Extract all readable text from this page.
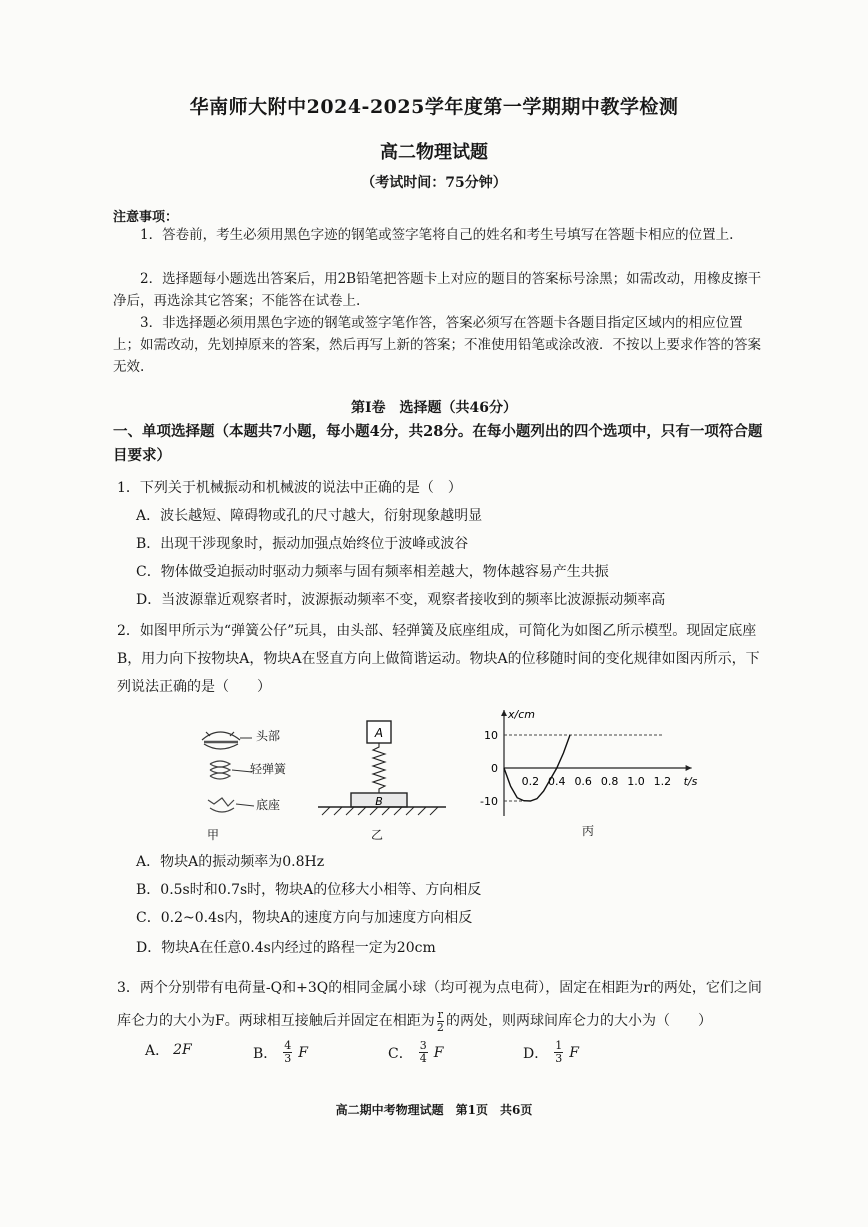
华南师大附中2024-2025学年度第一学期期中教学检测
高二物理试题
（考试时间：75分钟）
注意事项：
1．答卷前，考生必须用黑色字迹的钢笔或签字笔将自己的姓名和考生号填写在答题卡相应的位置上.
2．选择题每小题选出答案后，用2B铅笔把答题卡上对应的题目的答案标号涂黑；如需改动，用橡皮擦干净后，再选涂其它答案；不能答在试卷上.
3．非选择题必须用黑色字迹的钢笔或签字笔作答，答案必须写在答题卡各题目指定区域内的相应位置上；如需改动，先划掉原来的答案，然后再写上新的答案；不准使用铅笔或涂改液．不按以上要求作答的答案无效.
第Ⅰ卷　选择题（共46分）
一、单项选择题（本题共7小题，每小题4分，共28分。在每小题列出的四个选项中，只有一项符合题目要求）
1．下列关于机械振动和机械波的说法中正确的是（　）
A．波长越短、障碍物或孔的尺寸越大，衍射现象越明显
B．出现干涉现象时，振动加强点始终位于波峰或波谷
C．物体做受迫振动时驱动力频率与固有频率相差越大，物体越容易产生共振
D．当波源靠近观察者时，波源振动频率不变，观察者接收到的频率比波源振动频率高
2．如图甲所示为“弹簧公仔”玩具，由头部、轻弹簧及底座组成，可简化为如图乙所示模型。现固定底座B，用力向下按物块A，物块A在竖直方向上做简谐运动。物块A的位移随时间的变化规律如图丙所示，下列说法正确的是（　　）
头部
轻弹簧
底座
甲
A
B
乙
10
0
-10
0.2 0.4 0.6 0.8 1.0 1.2 t/s
x/cm
丙
A．物块A的振动频率为0.8Hz
B．0.5s时和0.7s时，物块A的位移大小相等、方向相反
C．0.2~0.4s内，物块A的速度方向与加速度方向相反
D．物块A在任意0.4s内经过的路程一定为20cm
3．两个分别带有电荷量-Q和+3Q的相同金属小球（均可视为点电荷），固定在相距为r的两处，它们之间库仑力的大小为F。两球相互接触后并固定在相距为 $\frac{r}{2}$ 的两处，则两球间库仑力的大小为（　　）
A． 2F	B． $\frac{4}{3}$ F	C． $\frac{3}{4}$ F	D． $\frac{1}{3}$ F
高二期中考物理试题　第1页　共6页
